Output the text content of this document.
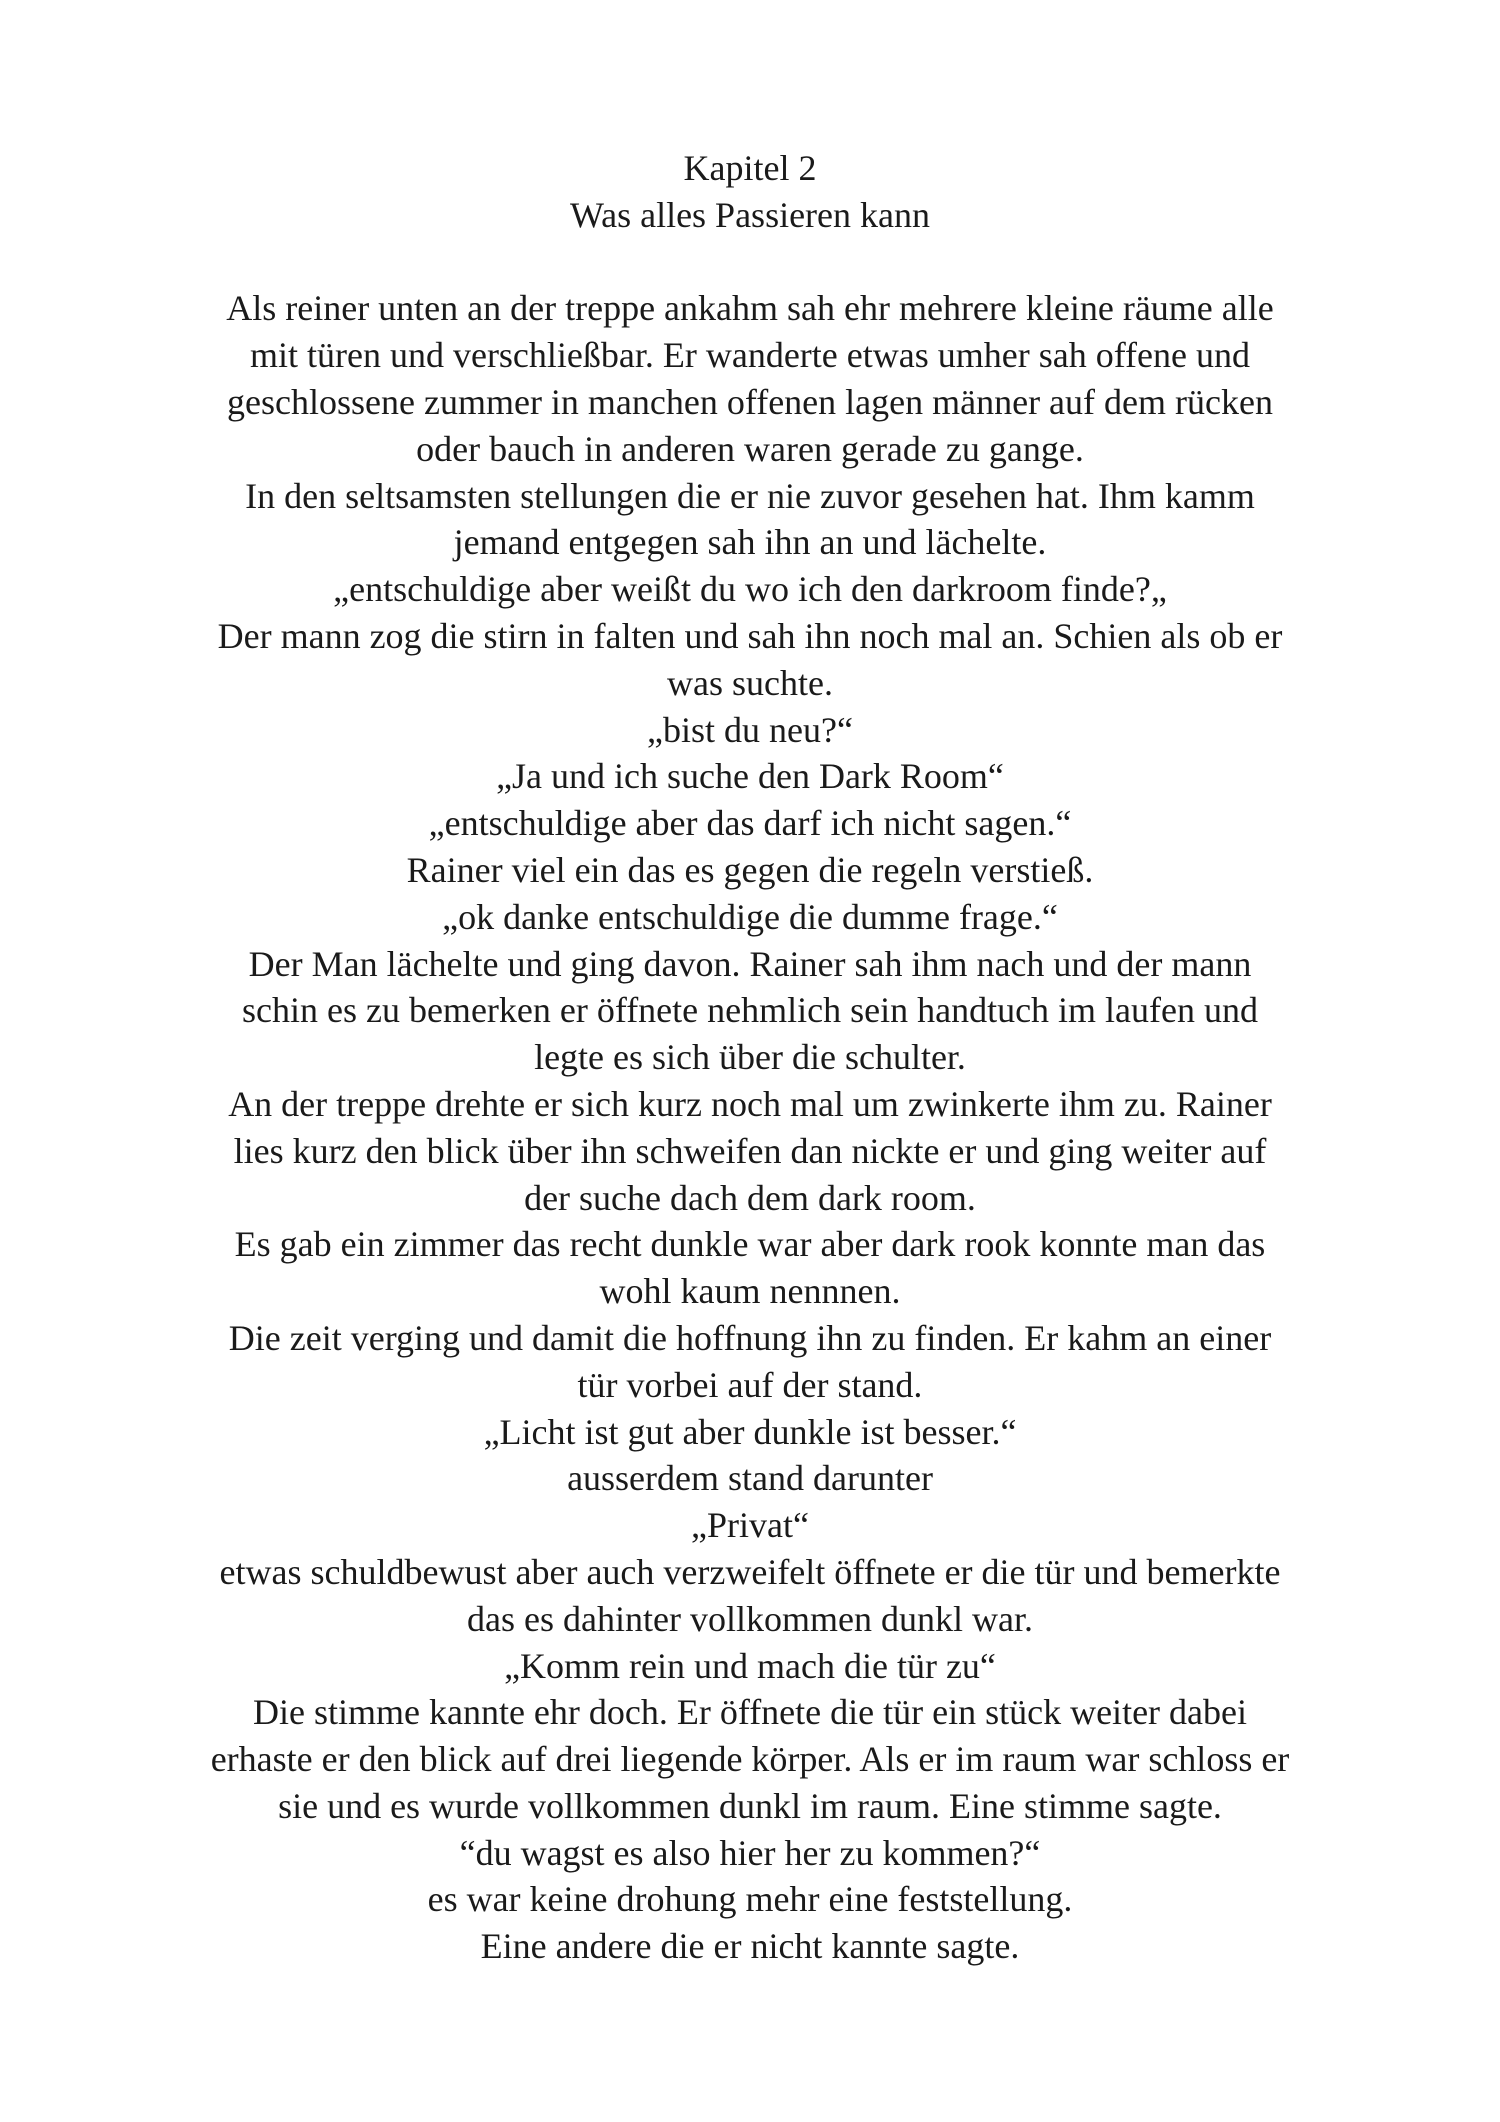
Kapitel 2
Was alles Passieren kann
Als reiner unten an der treppe ankahm sah ehr mehrere kleine räume alle
mit türen und verschließbar. Er wanderte etwas umher sah offene und
geschlossene zummer in manchen offenen lagen männer auf dem rücken
oder bauch in anderen waren gerade zu gange.
In den seltsamsten stellungen die er nie zuvor gesehen hat. Ihm kamm
jemand entgegen sah ihn an und lächelte.
„entschuldige aber weißt du wo ich den darkroom finde?„
Der mann zog die stirn in falten und sah ihn noch mal an. Schien als ob er
was suchte.
„bist du neu?“
„Ja und ich suche den Dark Room“
„entschuldige aber das darf ich nicht sagen.“
Rainer viel ein das es gegen die regeln verstieß.
„ok danke entschuldige die dumme frage.“
Der Man lächelte und ging davon. Rainer sah ihm nach und der mann
schin es zu bemerken er öffnete nehmlich sein handtuch im laufen und
legte es sich über die schulter.
An der treppe drehte er sich kurz noch mal um zwinkerte ihm zu. Rainer
lies kurz den blick über ihn schweifen dan nickte er und ging weiter auf
der suche dach dem dark room.
Es gab ein zimmer das recht dunkle war aber dark rook konnte man das
wohl kaum nennnen.
Die zeit verging und damit die hoffnung ihn zu finden. Er kahm an einer
tür vorbei auf der stand.
„Licht ist gut aber dunkle ist besser.“
ausserdem stand darunter
„Privat“
etwas schuldbewust aber auch verzweifelt öffnete er die tür und bemerkte
das es dahinter vollkommen dunkl war.
„Komm rein und mach die tür zu“
Die stimme kannte ehr doch. Er öffnete die tür ein stück weiter dabei
erhaste er den blick auf drei liegende körper. Als er im raum war schloss er
sie und es wurde vollkommen dunkl im raum. Eine stimme sagte.
“du wagst es also hier her zu kommen?“
es war keine drohung mehr eine feststellung.
Eine andere die er nicht kannte sagte.
